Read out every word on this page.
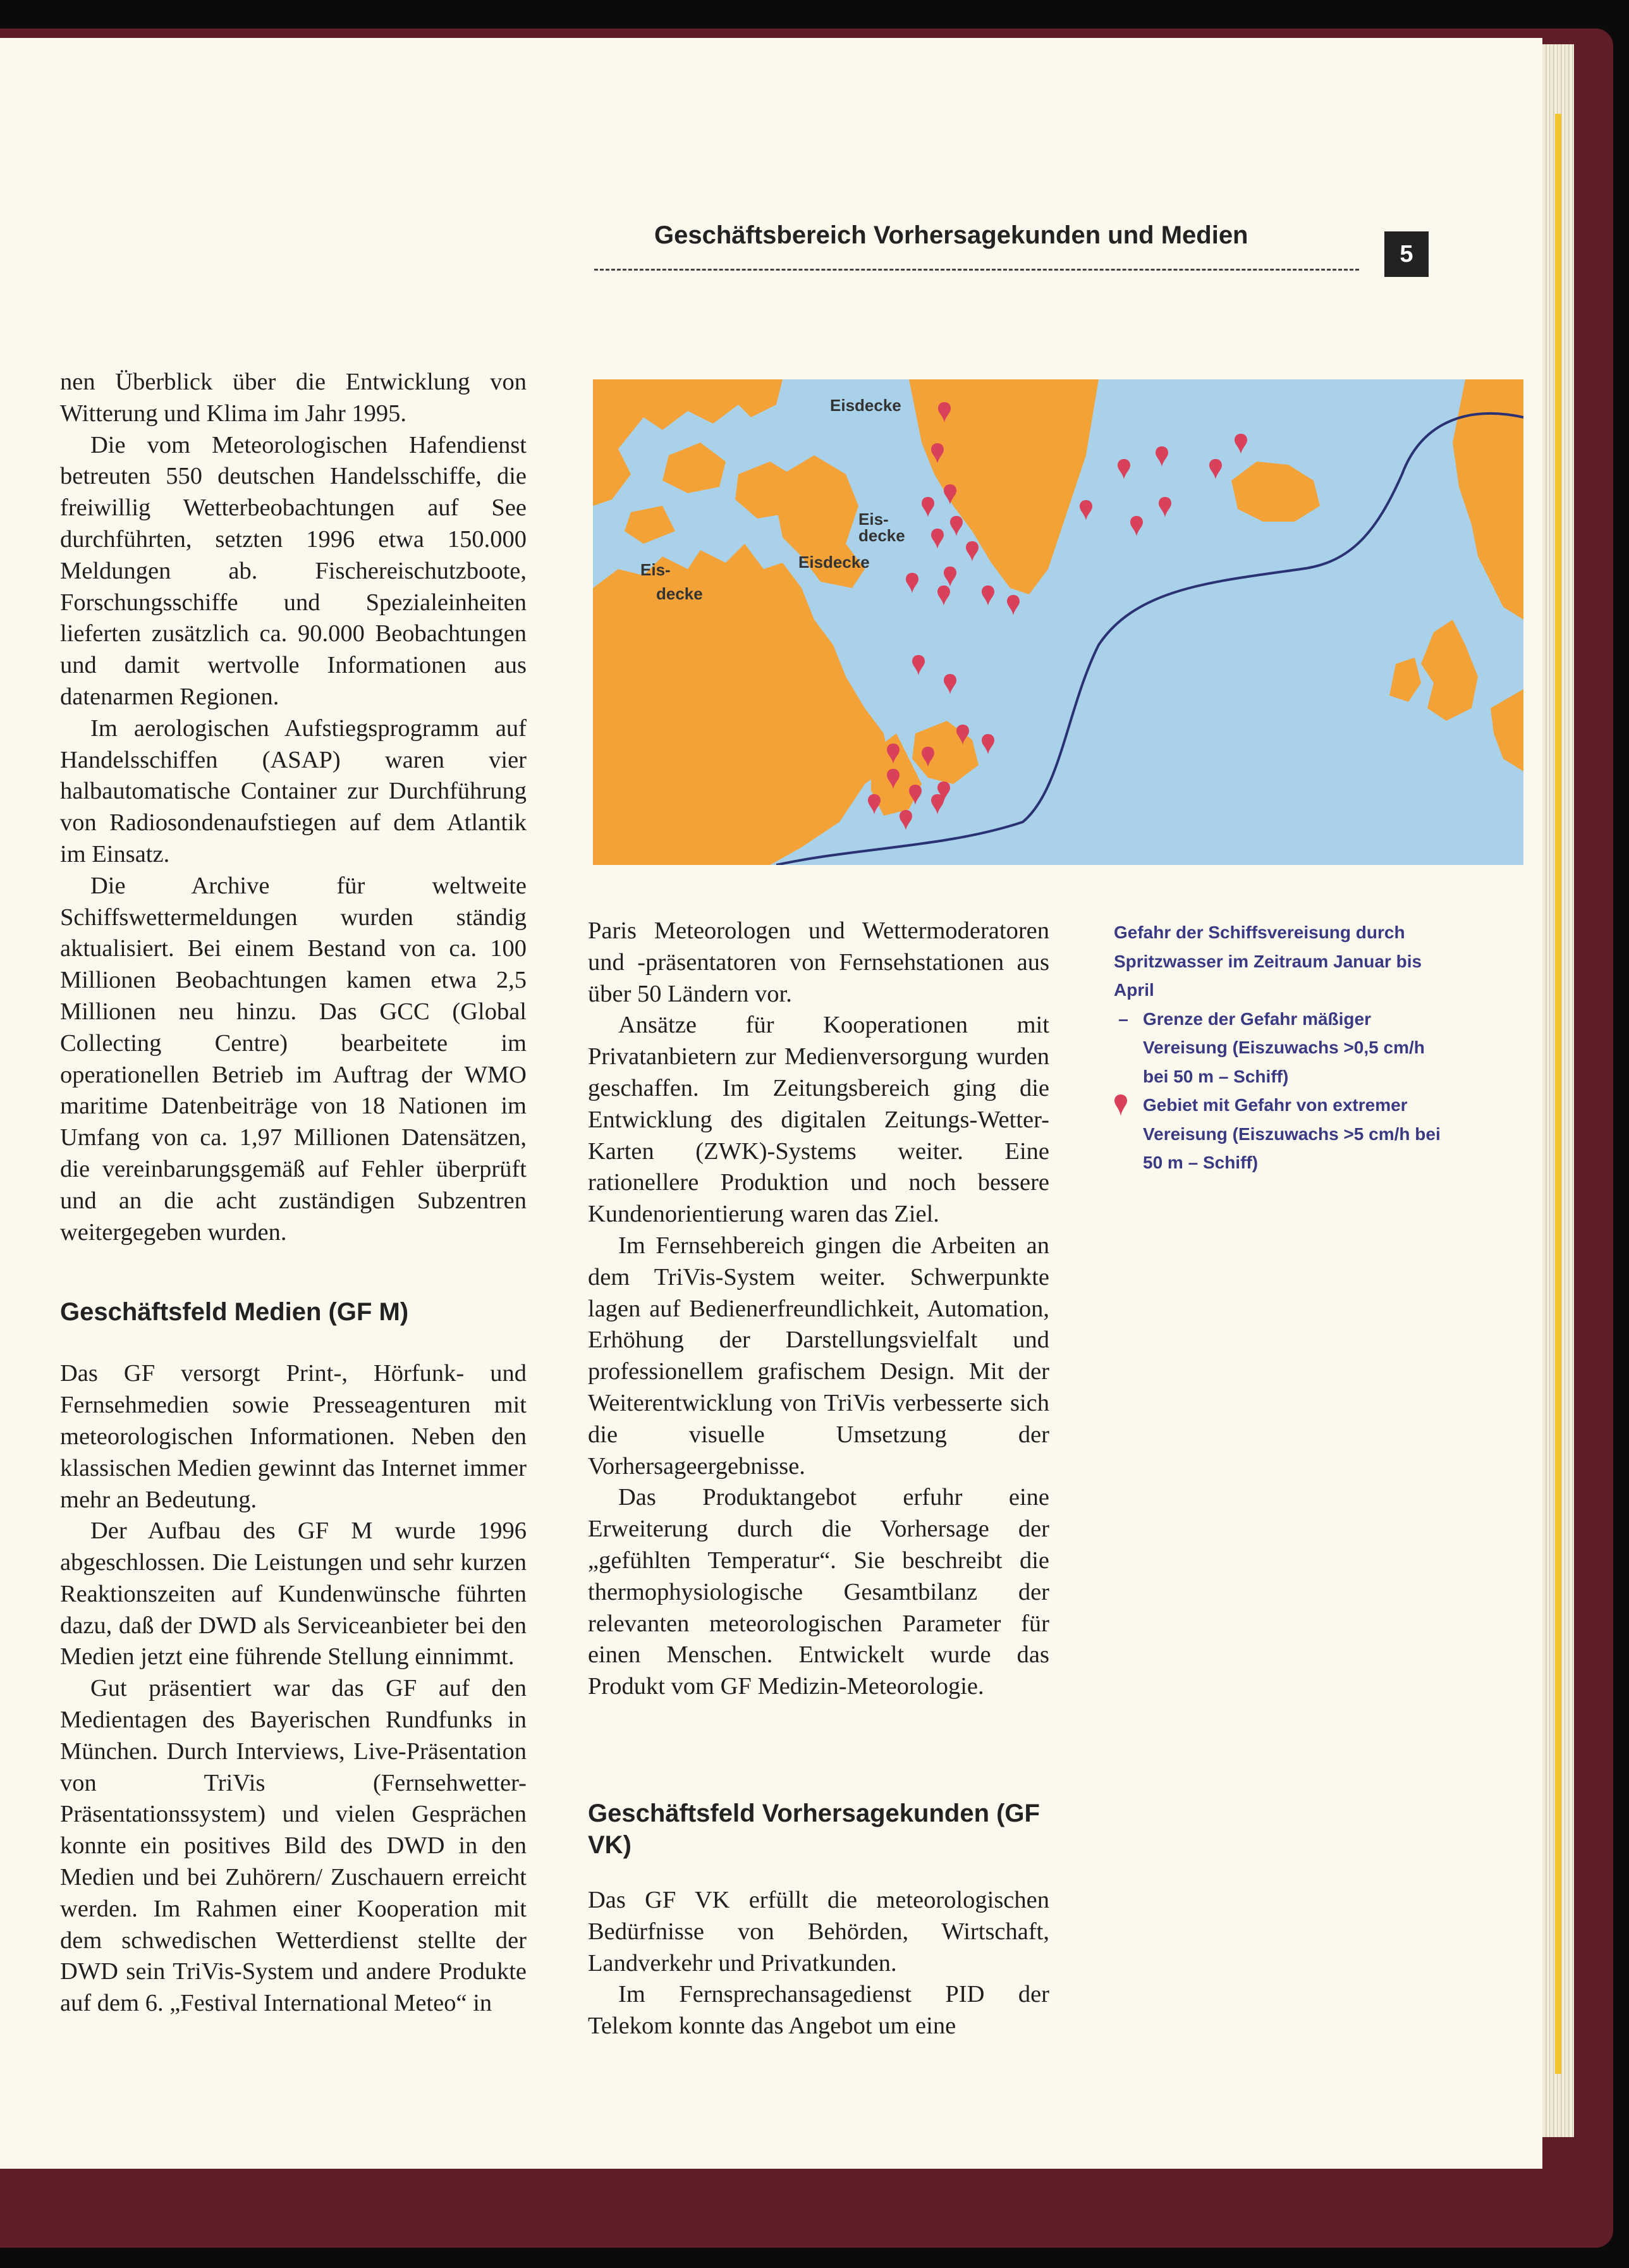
Geschäftsbereich Vorhersagekunden und Medien
5

nen Überblick über die Entwicklung von Witterung und Klima im Jahr 1995.

Die vom Meteorologischen Hafendienst betreuten 550 deutschen Handelsschiffe, die freiwillig Wetterbeobachtungen auf See durchführten, setzten 1996 etwa 150.000 Meldungen ab. Fischereischutzboote, Forschungsschiffe und Spezialeinheiten lieferten zusätzlich ca. 90.000 Beobachtungen und damit wertvolle Informationen aus datenarmen Regionen.

Im aerologischen Aufstiegsprogramm auf Handelsschiffen (ASAP) waren vier halbautomatische Container zur Durchführung von Radiosondenaufstiegen auf dem Atlantik im Einsatz.

Die Archive für weltweite Schiffswettermeldungen wurden ständig aktualisiert. Bei einem Bestand von ca. 100 Millionen Beobachtungen kamen etwa 2,5 Millionen neu hinzu. Das GCC (Global Collecting Centre) bearbeitete im operationellen Betrieb im Auftrag der WMO maritime Datenbeiträge von 18 Nationen im Umfang von ca. 1,97 Millionen Datensätzen, die vereinbarungsgemäß auf Fehler überprüft und an die acht zuständigen Subzentren weitergegeben wurden.

Geschäftsfeld Medien (GF M)

Das GF versorgt Print-, Hörfunk- und Fernsehmedien sowie Presseagenturen mit meteorologischen Informationen. Neben den klassischen Medien gewinnt das Internet immer mehr an Bedeutung.

Der Aufbau des GF M wurde 1996 abgeschlossen. Die Leistungen und sehr kurzen Reaktionszeiten auf Kundenwünsche führten dazu, daß der DWD als Serviceanbieter bei den Medien jetzt eine führende Stellung einnimmt.

Gut präsentiert war das GF auf den Medientagen des Bayerischen Rundfunks in München. Durch Interviews, Live-Präsentation von TriVis (Fernsehwetter-Präsentationssystem) und vielen Gesprächen konnte ein positives Bild des DWD in den Medien und bei Zuhörern/ Zuschauern erreicht werden. Im Rahmen einer Kooperation mit dem schwedischen Wetterdienst stellte der DWD sein TriVis-System und andere Produkte auf dem 6. „Festival International Meteo“ in

Eisdecke
Eis-
decke
Eisdecke
Eis-
decke
Gefahr der Schiffsvereisung durch Spritzwasser im Zeitraum Januar bis April
– Grenze der Gefahr mäßiger Vereisung (Eiszuwachs >0,5 cm/h bei 50 m – Schiff)
Gebiet mit Gefahr von extremer Vereisung (Eiszuwachs >5 cm/h bei 50 m – Schiff)

Paris Meteorologen und Wettermoderatoren und -präsentatoren von Fernsehstationen aus über 50 Ländern vor.

Ansätze für Kooperationen mit Privatanbietern zur Medienversorgung wurden geschaffen. Im Zeitungsbereich ging die Entwicklung des digitalen Zeitungs-Wetter-Karten (ZWK)-Systems weiter. Eine rationellere Produktion und noch bessere Kundenorientierung waren das Ziel.

Im Fernsehbereich gingen die Arbeiten an dem TriVis-System weiter. Schwerpunkte lagen auf Bedienerfreundlichkeit, Automation, Erhöhung der Darstellungsvielfalt und professionellem grafischem Design. Mit der Weiterentwicklung von TriVis verbesserte sich die visuelle Umsetzung der Vorhersageergebnisse.

Das Produktangebot erfuhr eine Erweiterung durch die Vorhersage der „gefühlten Temperatur“. Sie beschreibt die thermophysiologische Gesamtbilanz der relevanten meteorologischen Parameter für einen Menschen. Entwickelt wurde das Produkt vom GF Medizin-Meteorologie.

Geschäftsfeld Vorhersagekunden (GF VK)

Das GF VK erfüllt die meteorologischen Bedürfnisse von Behörden, Wirtschaft, Landverkehr und Privatkunden.

Im Fernsprechansagedienst PID der Telekom konnte das Angebot um eine
